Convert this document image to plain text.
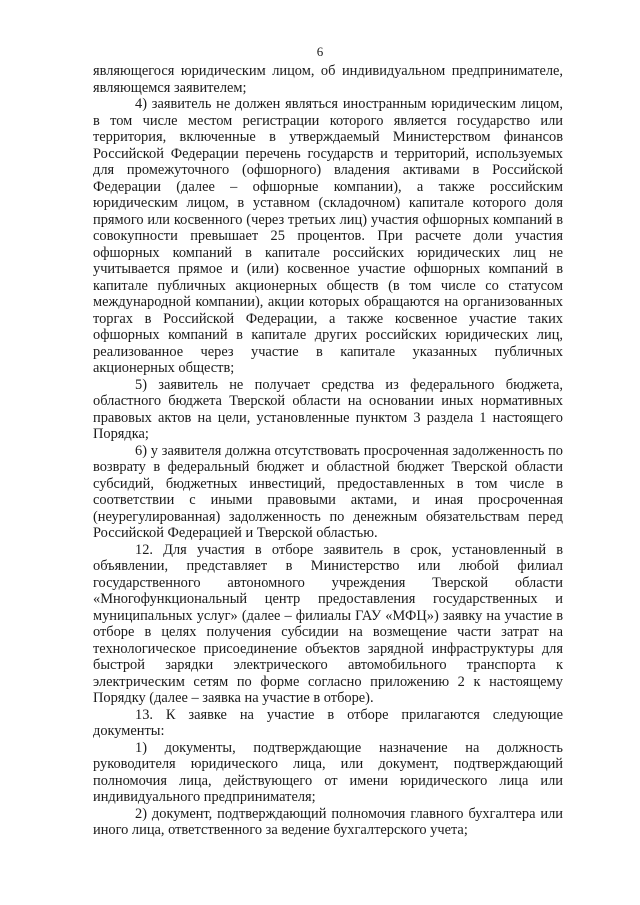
6

являющегося юридическим лицом, об индивидуальном предпринимателе, являющемся заявителем;

4) заявитель не должен являться иностранным юридическим лицом, в том числе местом регистрации которого является государство или территория, включенные в утверждаемый Министерством финансов Российской Федерации перечень государств и территорий, используемых для промежуточного (офшорного) владения активами в Российской Федерации (далее – офшорные компании), а также российским юридическим лицом, в уставном (складочном) капитале которого доля прямого или косвенного (через третьих лиц) участия офшорных компаний в совокупности превышает 25 процентов. При расчете доли участия офшорных компаний в капитале российских юридических лиц не учитывается прямое и (или) косвенное участие офшорных компаний в капитале публичных акционерных обществ (в том числе со статусом международной компании), акции которых обращаются на организованных торгах в Российской Федерации, а также косвенное участие таких офшорных компаний в капитале других российских юридических лиц, реализованное через участие в капитале указанных публичных акционерных обществ;

5) заявитель не получает средства из федерального бюджета, областного бюджета Тверской области на основании иных нормативных правовых актов на цели, установленные пунктом 3 раздела 1 настоящего Порядка;

6) у заявителя должна отсутствовать просроченная задолженность по возврату в федеральный бюджет и областной бюджет Тверской области субсидий, бюджетных инвестиций, предоставленных в том числе в соответствии с иными правовыми актами, и иная просроченная (неурегулированная) задолженность по денежным обязательствам перед Российской Федерацией и Тверской областью.

12. Для участия в отборе заявитель в срок, установленный в объявлении, представляет в Министерство или любой филиал государственного автономного учреждения Тверской области «Многофункциональный центр предоставления государственных и муниципальных услуг» (далее – филиалы ГАУ «МФЦ») заявку на участие в отборе в целях получения субсидии на возмещение части затрат на технологическое присоединение объектов зарядной инфраструктуры для быстрой зарядки электрического автомобильного транспорта к электрическим сетям по форме согласно приложению 2 к настоящему Порядку (далее – заявка на участие в отборе).

13. К заявке на участие в отборе прилагаются следующие документы:

1) документы, подтверждающие назначение на должность руководителя юридического лица, или документ, подтверждающий полномочия лица, действующего от имени юридического лица или индивидуального предпринимателя;

2) документ, подтверждающий полномочия главного бухгалтера или иного лица, ответственного за ведение бухгалтерского учета;
